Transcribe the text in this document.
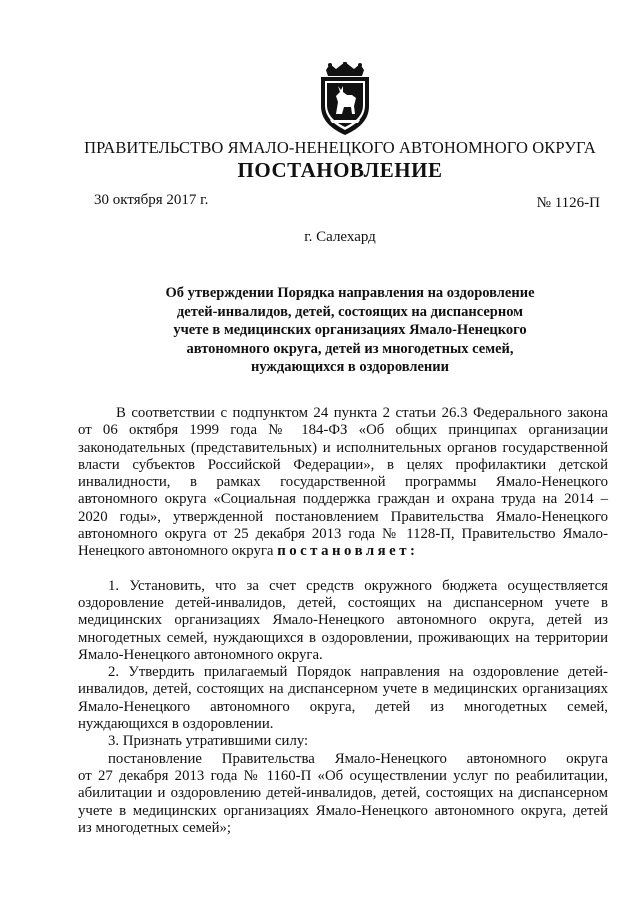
ПРАВИТЕЛЬСТВО ЯМАЛО-НЕНЕЦКОГО АВТОНОМНОГО ОКРУГА
ПОСТАНОВЛЕНИЕ
30 октября 2017 г.	№ 1126-П
г. Салехард
Об утверждении Порядка направления на оздоровление
детей-инвалидов, детей, состоящих на диспансерном
учете в медицинских организациях Ямало-Ненецкого
автономного округа, детей из многодетных семей,
нуждающихся в оздоровлении
В соответствии с подпунктом 24 пункта 2 статьи 26.3 Федерального закона
от 06 октября 1999 года № 184-ФЗ «Об общих принципах организации
законодательных (представительных) и исполнительных органов государственной
власти субъектов Российской Федерации», в целях профилактики детской
инвалидности, в рамках государственной программы Ямало-Ненецкого
автономного округа «Социальная поддержка граждан и охрана труда на 2014 –
2020 годы», утвержденной постановлением Правительства Ямало-Ненецкого
автономного округа от 25 декабря 2013 года № 1128-П, Правительство Ямало-
Ненецкого автономного округа постановляет:
1. Установить, что за счет средств окружного бюджета осуществляется
оздоровление детей-инвалидов, детей, состоящих на диспансерном учете в
медицинских организациях Ямало-Ненецкого автономного округа, детей из
многодетных семей, нуждающихся в оздоровлении, проживающих на территории
Ямало-Ненецкого автономного округа.
2. Утвердить прилагаемый Порядок направления на оздоровление детей-
инвалидов, детей, состоящих на диспансерном учете в медицинских организациях
Ямало-Ненецкого автономного округа, детей из многодетных семей,
нуждающихся в оздоровлении.
3. Признать утратившими силу:
постановление Правительства Ямало-Ненецкого автономного округа
от 27 декабря 2013 года № 1160-П «Об осуществлении услуг по реабилитации,
абилитации и оздоровлению детей-инвалидов, детей, состоящих на диспансерном
учете в медицинских организациях Ямало-Ненецкого автономного округа, детей
из многодетных семей»;
